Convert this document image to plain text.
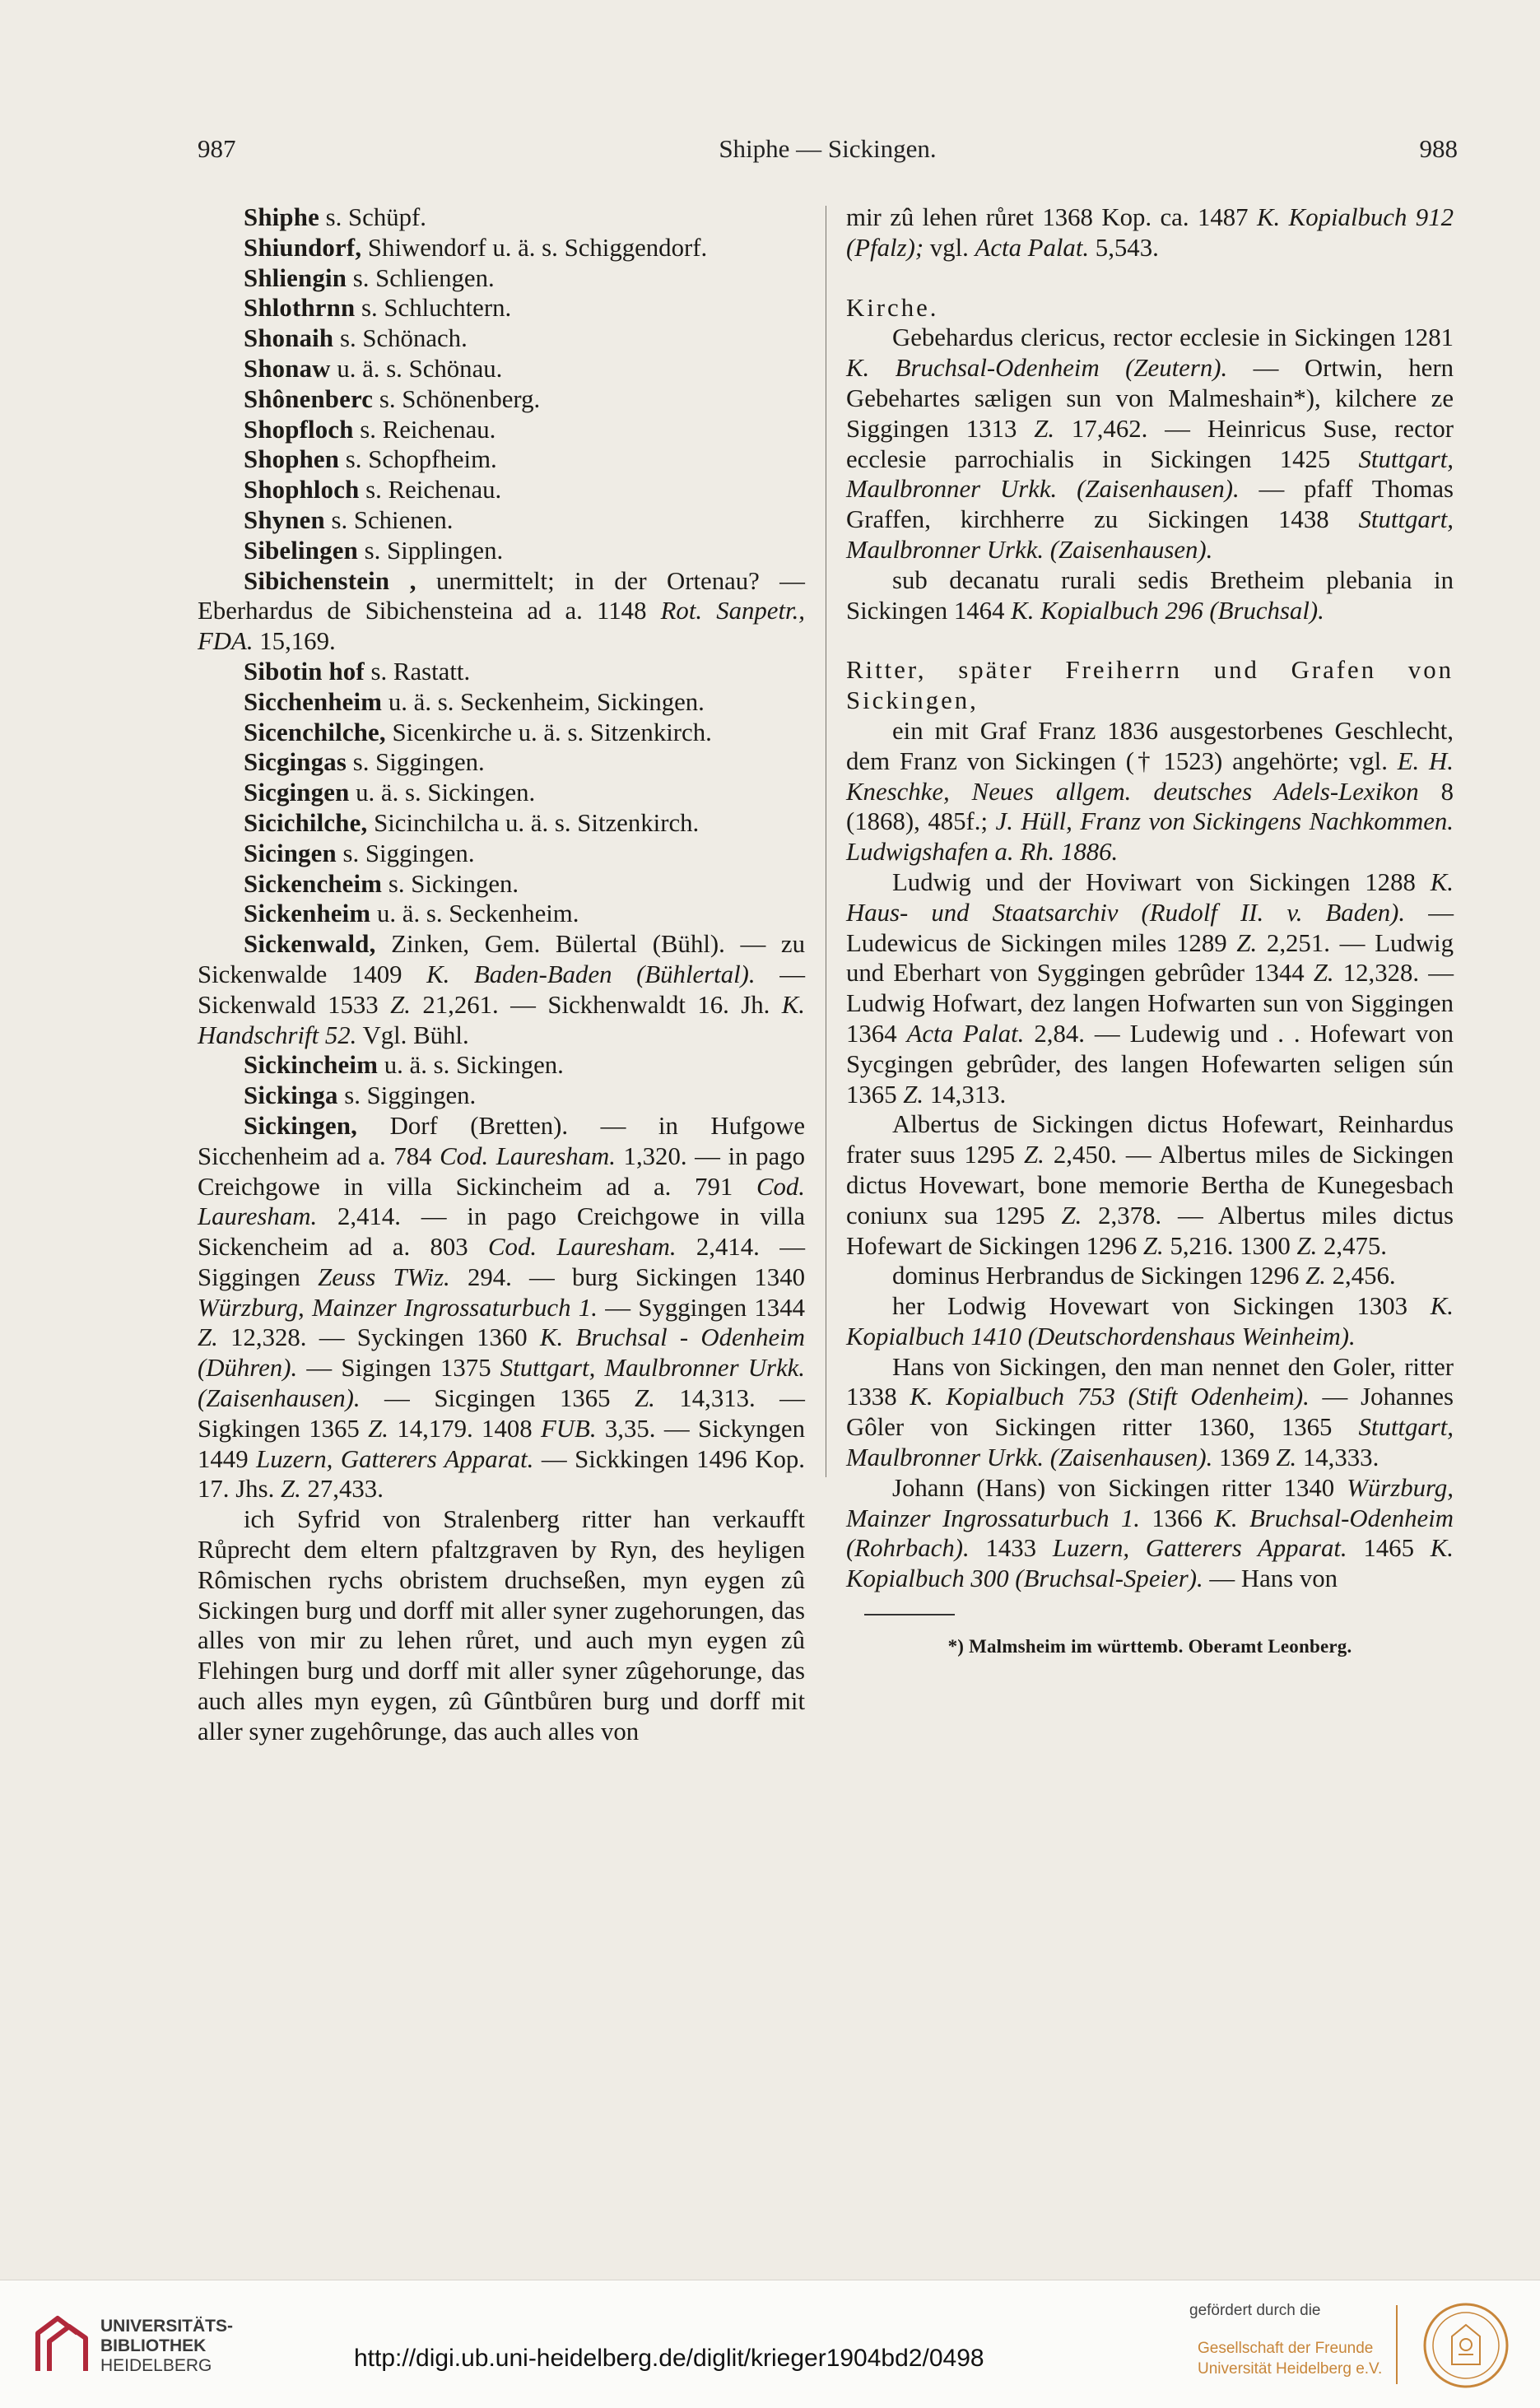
987	Shiphe — Sickingen.	988

Shiphe s. Schüpf.

Shiundorf, Shiwendorf u. ä. s. Schiggendorf.

Shliengin s. Schliengen.

Shlothrnn s. Schluchtern.

Shonaih s. Schönach.

Shonaw u. ä. s. Schönau.

Shônenberc s. Schönenberg.

Shopfloch s. Reichenau.

Shophen s. Schopfheim.

Shophloch s. Reichenau.

Shynen s. Schienen.

Sibelingen s. Sipplingen.

Sibichenstein , unermittelt; in der Ortenau? — Eberhardus de Sibichensteina ad a. 1148 Rot. Sanpetr., FDA. 15,169.

Sibotin hof s. Rastatt.

Sicchenheim u. ä. s. Seckenheim, Sickingen.

Sicenchilche, Sicenkirche u. ä. s. Sitzenkirch.

Sicgingas s. Siggingen.

Sicgingen u. ä. s. Sickingen.

Sicichilche, Sicinchilcha u. ä. s. Sitzenkirch.

Sicingen s. Siggingen.

Sickencheim s. Sickingen.

Sickenheim u. ä. s. Seckenheim.

Sickenwald, Zinken, Gem. Bülertal (Bühl). — zu Sickenwalde 1409 K. Baden-Baden (Bühlertal). — Sickenwald 1533 Z. 21,261. — Sickhenwaldt 16. Jh. K. Handschrift 52. Vgl. Bühl.

Sickincheim u. ä. s. Sickingen.

Sickinga s. Siggingen.

Sickingen, Dorf (Bretten). — in Hufgowe Sicchenheim ad a. 784 Cod. Lauresham. 1,320. — in pago Creichgowe in villa Sickincheim ad a. 791 Cod. Lauresham. 2,414. — in pago Creichgowe in villa Sickencheim ad a. 803 Cod. Lauresham. 2,414. — Siggingen Zeuss TWiz. 294. — burg Sickingen 1340 Würzburg, Mainzer Ingrossaturbuch 1. — Syggingen 1344 Z. 12,328. — Syckingen 1360 K. Bruchsal - Odenheim (Dühren). — Sigingen 1375 Stuttgart, Maulbronner Urkk. (Zaisenhausen). — Sicgingen 1365 Z. 14,313. — Sigkingen 1365 Z. 14,179. 1408 FUB. 3,35. — Sickyngen 1449 Luzern, Gatterers Apparat. — Sickkingen 1496 Kop. 17. Jhs. Z. 27,433.

ich Syfrid von Stralenberg ritter han verkaufft Růprecht dem eltern pfaltzgraven by Ryn, des heyligen Rômischen rychs obristem druchseßen, myn eygen zû Sickingen burg und dorff mit aller syner zugehorungen, das alles von mir zu lehen růret, und auch myn eygen zû Flehingen burg und dorff mit aller syner zûgehorunge, das auch alles myn eygen, zû Gûntbůren burg und dorff mit aller syner zugehôrunge, das auch alles von

mir zû lehen růret 1368 Kop. ca. 1487 K. Kopialbuch 912 (Pfalz); vgl. Acta Palat. 5,543.

Kirche.

Gebehardus clericus, rector ecclesie in Sickingen 1281 K. Bruchsal-Odenheim (Zeutern). — Ortwin, hern Gebehartes sæligen sun von Malmeshain*), kilchere ze Siggingen 1313 Z. 17,462. — Heinricus Suse, rector ecclesie parrochialis in Sickingen 1425 Stuttgart, Maulbronner Urkk. (Zaisenhausen). — pfaff Thomas Graffen, kirchherre zu Sickingen 1438 Stuttgart, Maulbronner Urkk. (Zaisenhausen).

sub decanatu rurali sedis Bretheim plebania in Sickingen 1464 K. Kopialbuch 296 (Bruchsal).

Ritter, später Freiherrn und Grafen von Sickingen,

ein mit Graf Franz 1836 ausgestorbenes Geschlecht, dem Franz von Sickingen († 1523) angehörte; vgl. E. H. Kneschke, Neues allgem. deutsches Adels-Lexikon 8 (1868), 485f.; J. Hüll, Franz von Sickingens Nachkommen. Ludwigshafen a. Rh. 1886.

Ludwig und der Hoviwart von Sickingen 1288 K. Haus- und Staatsarchiv (Rudolf II. v. Baden). — Ludewicus de Sickingen miles 1289 Z. 2,251. — Ludwig und Eberhart von Syggingen gebrûder 1344 Z. 12,328. — Ludwig Hofwart, dez langen Hofwarten sun von Siggingen 1364 Acta Palat. 2,84. — Ludewig und . . Hofewart von Sycgingen gebrûder, des langen Hofewarten seligen sún 1365 Z. 14,313.

Albertus de Sickingen dictus Hofewart, Reinhardus frater suus 1295 Z. 2,450. — Albertus miles de Sickingen dictus Hovewart, bone memorie Bertha de Kunegesbach coniunx sua 1295 Z. 2,378. — Albertus miles dictus Hofewart de Sickingen 1296 Z. 5,216. 1300 Z. 2,475.

dominus Herbrandus de Sickingen 1296 Z. 2,456.

her Lodwig Hovewart von Sickingen 1303 K. Kopialbuch 1410 (Deutschordenshaus Weinheim).

Hans von Sickingen, den man nennet den Goler, ritter 1338 K. Kopialbuch 753 (Stift Odenheim). — Johannes Gôler von Sickingen ritter 1360, 1365 Stuttgart, Maulbronner Urkk. (Zaisenhausen). 1369 Z. 14,333.

Johann (Hans) von Sickingen ritter 1340 Würzburg, Mainzer Ingrossaturbuch 1. 1366 K. Bruchsal-Odenheim (Rohrbach). 1433 Luzern, Gatterers Apparat. 1465 K. Kopialbuch 300 (Bruchsal-Speier). — Hans von

*) Malmsheim im württemb. Oberamt Leonberg.

UNIVERSITÄTS-
BIBLIOTHEK
HEIDELBERG	http://digi.ub.uni-heidelberg.de/diglit/krieger1904bd2/0498
gefördert durch die
Gesellschaft der Freunde
Universität Heidelberg e.V.
